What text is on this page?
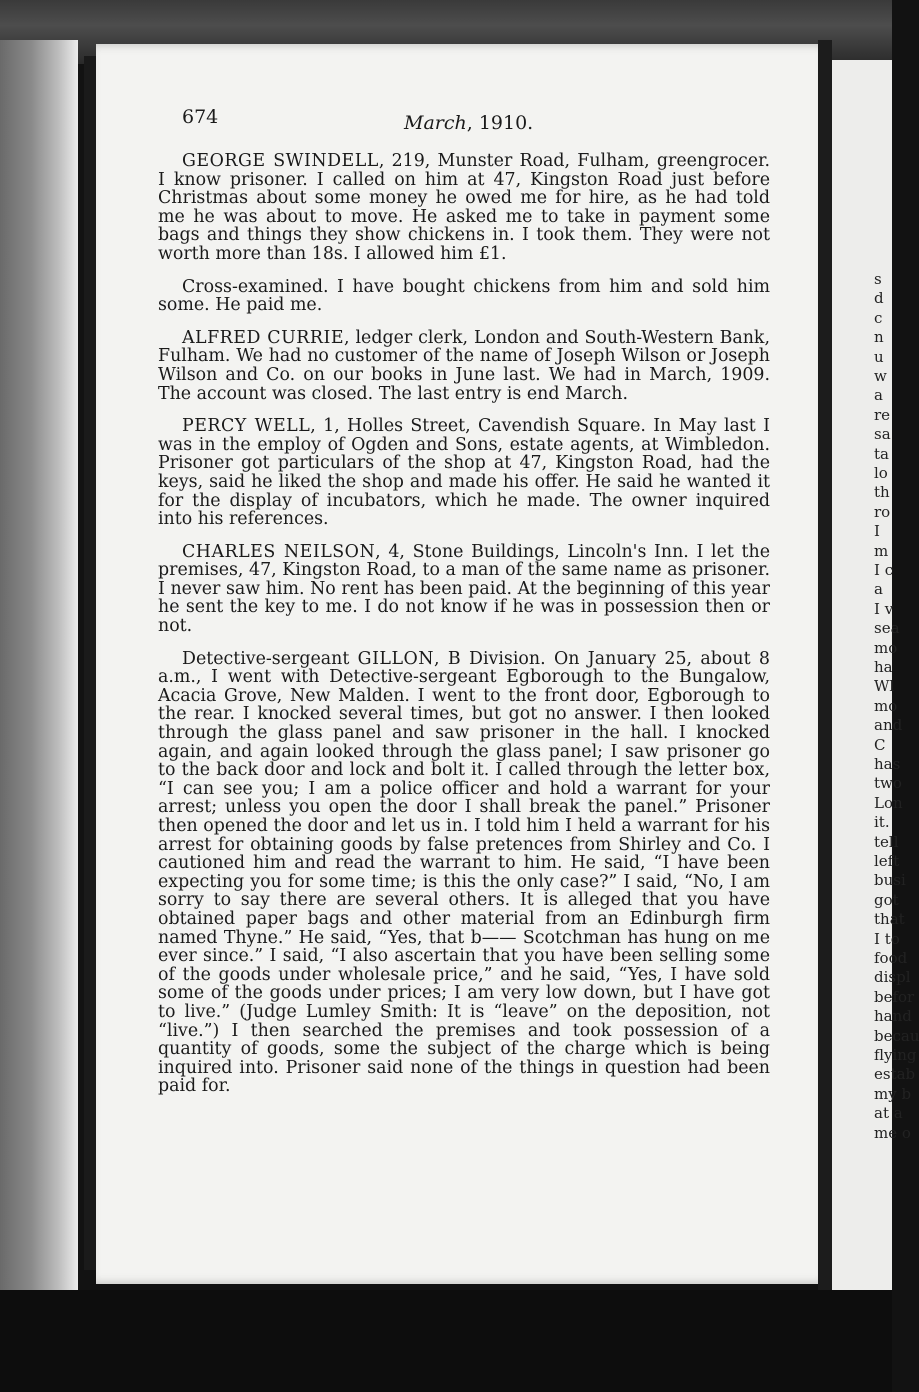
674	March, 1910.

GEORGE SWINDELL, 219, Munster Road, Fulham, greengrocer. I know prisoner. I called on him at 47, Kingston Road just before Christmas about some money he owed me for hire, as he had told me he was about to move. He asked me to take in payment some bags and things they show chickens in. I took them. They were not worth more than 18s. I allowed him £1.

Cross-examined. I have bought chickens from him and sold him some. He paid me.

ALFRED CURRIE, ledger clerk, London and South-Western Bank, Fulham. We had no customer of the name of Joseph Wilson or Joseph Wilson and Co. on our books in June last. We had in March, 1909. The account was closed. The last entry is end March.

PERCY WELL, 1, Holles Street, Cavendish Square. In May last I was in the employ of Ogden and Sons, estate agents, at Wimbledon. Prisoner got particulars of the shop at 47, Kingston Road, had the keys, said he liked the shop and made his offer. He said he wanted it for the display of incubators, which he made. The owner inquired into his references.

CHARLES NEILSON, 4, Stone Buildings, Lincoln's Inn. I let the premises, 47, Kingston Road, to a man of the same name as prisoner. I never saw him. No rent has been paid. At the beginning of this year he sent the key to me. I do not know if he was in possession then or not.

Detective-sergeant GILLON, B Division. On January 25, about 8 a.m., I went with Detective-sergeant Egborough to the Bungalow, Acacia Grove, New Malden. I went to the front door, Egborough to the rear. I knocked several times, but got no answer. I then looked through the glass panel and saw prisoner in the hall. I knocked again, and again looked through the glass panel; I saw prisoner go to the back door and lock and bolt it. I called through the letter box, “I can see you; I am a police officer and hold a warrant for your arrest; unless you open the door I shall break the panel.” Prisoner then opened the door and let us in. I told him I held a warrant for his arrest for obtaining goods by false pretences from Shirley and Co. I cautioned him and read the warrant to him. He said, “I have been expecting you for some time; is this the only case?” I said, “No, I am sorry to say there are several others. It is alleged that you have obtained paper bags and other material from an Edinburgh firm named Thyne.” He said, “Yes, that b—— Scotchman has hung on me ever since.” I said, “I also ascertain that you have been selling some of the goods under wholesale price,” and he said, “Yes, I have sold some of the goods under prices; I am very low down, but I have got to live.” (Judge Lumley Smith: It is “leave” on the deposition, not “live.”) I then searched the premises and took possession of a quantity of goods, some the subject of the charge which is being inquired into. Prisoner said none of the things in question had been paid for.

s
d
c
n
u
w
a
re
sa
ta
lo
th
ro
I
m
I c
a
I v
sea
mo
ha
Wl
mo
and
C
has
two
Lon
it.
tell
left
busi
got
that
I to
food
displ
befor
hand
becau
flying
estab
my b
at a
me o
